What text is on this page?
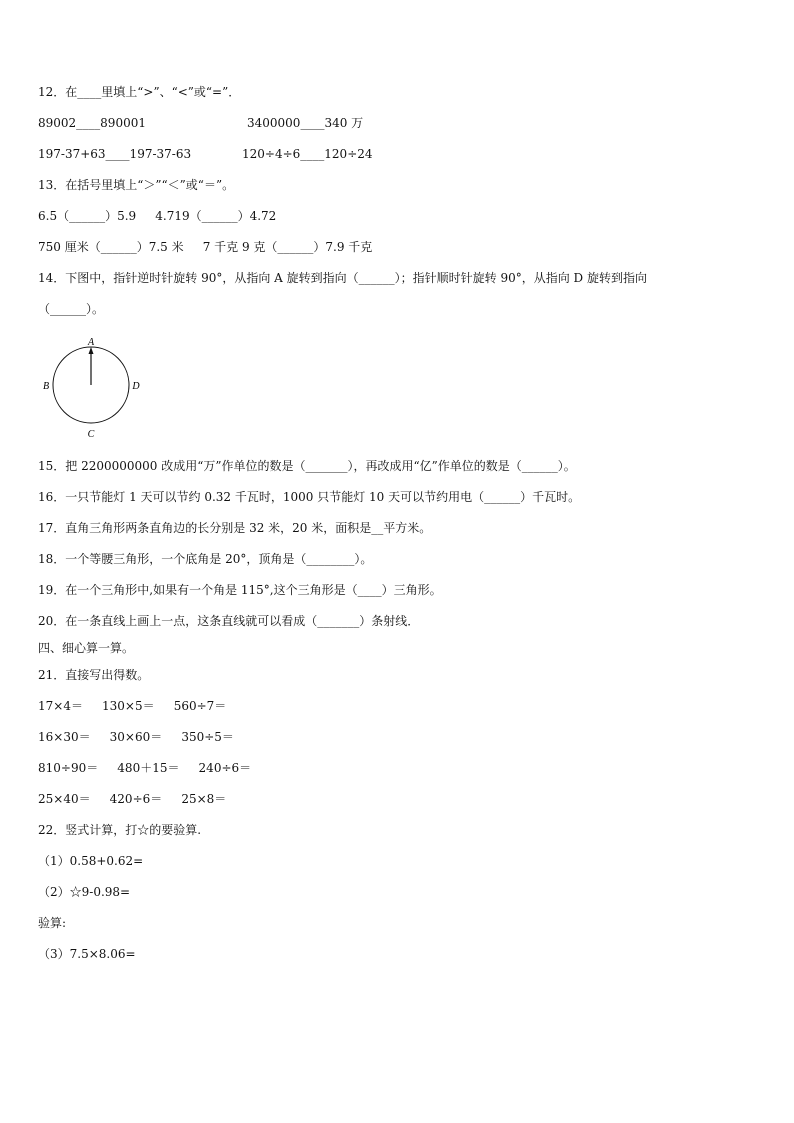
12．在____里填上“>”、“<”或“=”．
89002____890001	3400000____340 万
197-37+63____197-37-63	120÷4÷6____120÷24
13．在括号里填上“＞”“＜”或“＝”。
6.5（______）5.9     4.719（______）4.72
750 厘米（______）7.5 米     7 千克 9 克（______）7.9 千克
14．下图中，指针逆时针旋转 90°，从指向 A 旋转到指向（______）；指针顺时针旋转 90°，从指向 D 旋转到指向
（______）。
A
B	D
C
15．把 2200000000 改成用“万”作单位的数是（_______），再改成用“亿”作单位的数是（______）。
16．一只节能灯 1 天可以节约 0.32 千瓦时，1000 只节能灯 10 天可以节约用电（______）千瓦时。
17．直角三角形两条直角边的长分别是 32 米，20 米，面积是__平方米。
18．一个等腰三角形，一个底角是 20°，顶角是（________）。
19．在一个三角形中,如果有一个角是 115°,这个三角形是（____）三角形。
20．在一条直线上画上一点，这条直线就可以看成（_______）条射线．
四、细心算一算。
21．直接写出得数。
17×4＝     130×5＝     560÷7＝
16×30＝     30×60＝     350÷5＝
810÷90＝     480＋15＝     240÷6＝
25×40＝     420÷6＝     25×8＝
22．竖式计算，打☆的要验算.
（1）0.58+0.62=
（2）☆9-0.98=
验算:
（3）7.5×8.06=
